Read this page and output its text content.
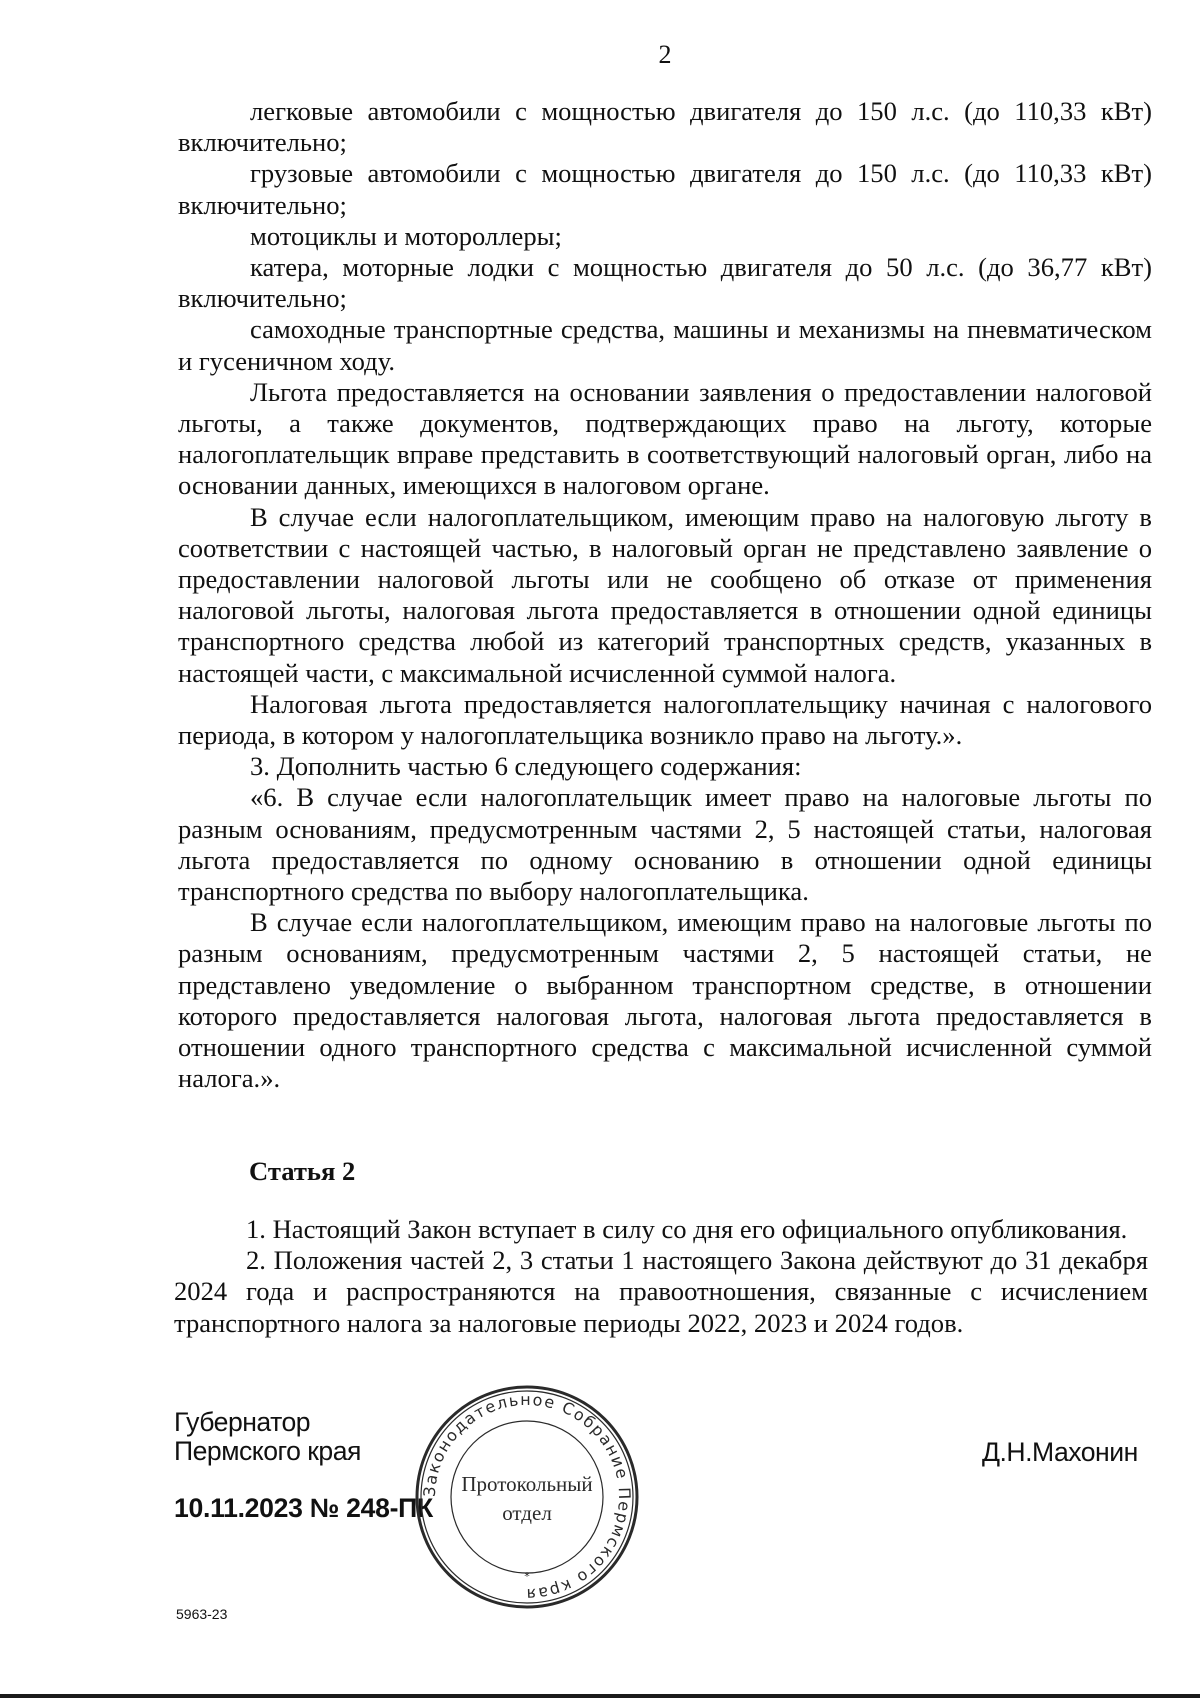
2

легковые автомобили с мощностью двигателя до 150 л.с. (до 110,33 кВт) включительно;

грузовые автомобили с мощностью двигателя до 150 л.с. (до 110,33 кВт) включительно;

мотоциклы и мотороллеры;

катера, моторные лодки с мощностью двигателя до 50 л.с. (до 36,77 кВт) включительно;

самоходные транспортные средства, машины и механизмы на пневматическом и гусеничном ходу.

Льгота предоставляется на основании заявления о предоставлении налоговой льготы, а также документов, подтверждающих право на льготу, которые налогоплательщик вправе представить в соответствующий налоговый орган, либо на основании данных, имеющихся в налоговом органе.

В случае если налогоплательщиком, имеющим право на налоговую льготу в соответствии с настоящей частью, в налоговый орган не представлено заявление о предоставлении налоговой льготы или не сообщено об отказе от применения налоговой льготы, налоговая льгота предоставляется в отношении одной единицы транспортного средства любой из категорий транспортных средств, указанных в настоящей части, с максимальной исчисленной суммой налога.

Налоговая льгота предоставляется налогоплательщику начиная с налогового периода, в котором у налогоплательщика возникло право на льготу.».

3. Дополнить частью 6 следующего содержания:

«6. В случае если налогоплательщик имеет право на налоговые льготы по разным основаниям, предусмотренным частями 2, 5 настоящей статьи, налоговая льгота предоставляется по одному основанию в отношении одной единицы транспортного средства по выбору налогоплательщика.

В случае если налогоплательщиком, имеющим право на налоговые льготы по разным основаниям, предусмотренным частями 2, 5 настоящей статьи, не представлено уведомление о выбранном транспортном средстве, в отношении которого предоставляется налоговая льгота, налоговая льгота предоставляется в отношении одного транспортного средства с максимальной исчисленной суммой налога.».

Статья 2

1. Настоящий Закон вступает в силу со дня его официального опубликования.

2. Положения частей 2, 3 статьи 1 настоящего Закона действуют до 31 декабря 2024 года и распространяются на правоотношения, связанные с исчислением транспортного налога за налоговые периоды 2022, 2023 и 2024 годов.

Губернатор
Пермского края	Д.Н.Махонин
10.11.2023 № 248-ПК
5963-23
Законодательное Собрание Пермского края
Протокольный
отдел
*
